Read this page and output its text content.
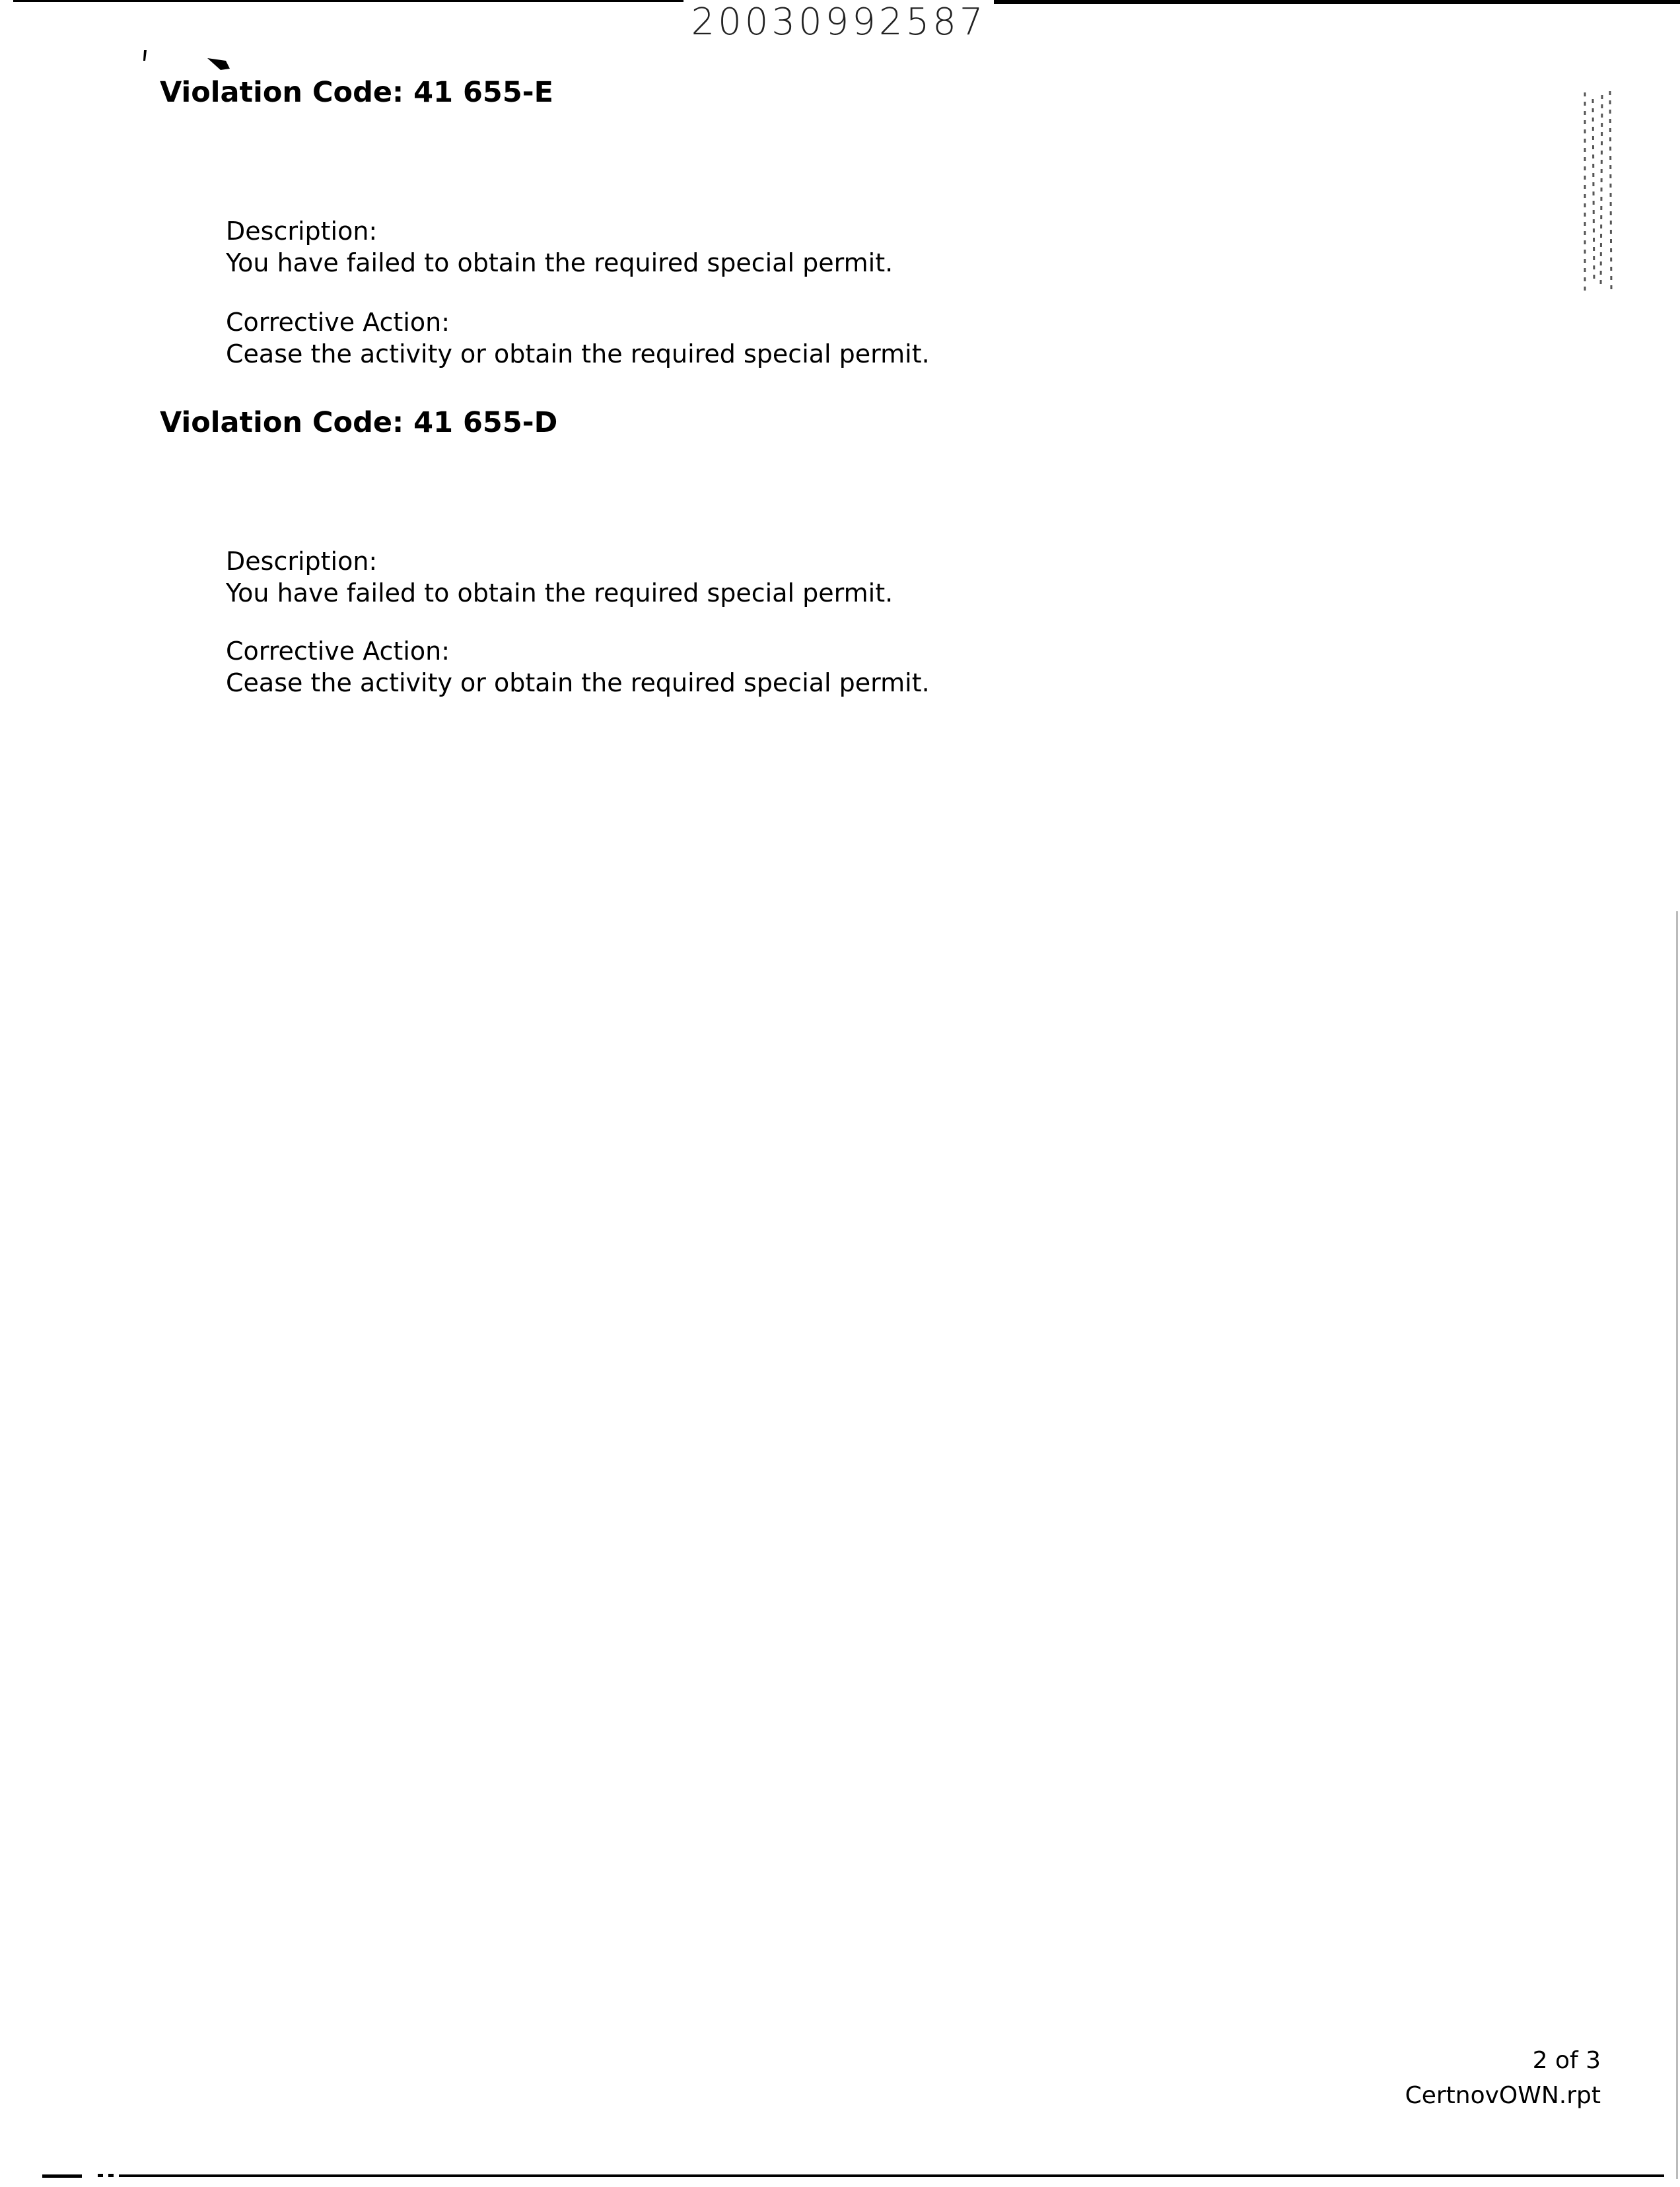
20030992587
Violation Code: 41 655-E
Description:
You have failed to obtain the required special permit.
Corrective Action:
Cease the activity or obtain the required special permit.
Violation Code: 41 655-D
Description:
You have failed to obtain the required special permit.
Corrective Action:
Cease the activity or obtain the required special permit.
2 of 3
CertnovOWN.rpt
